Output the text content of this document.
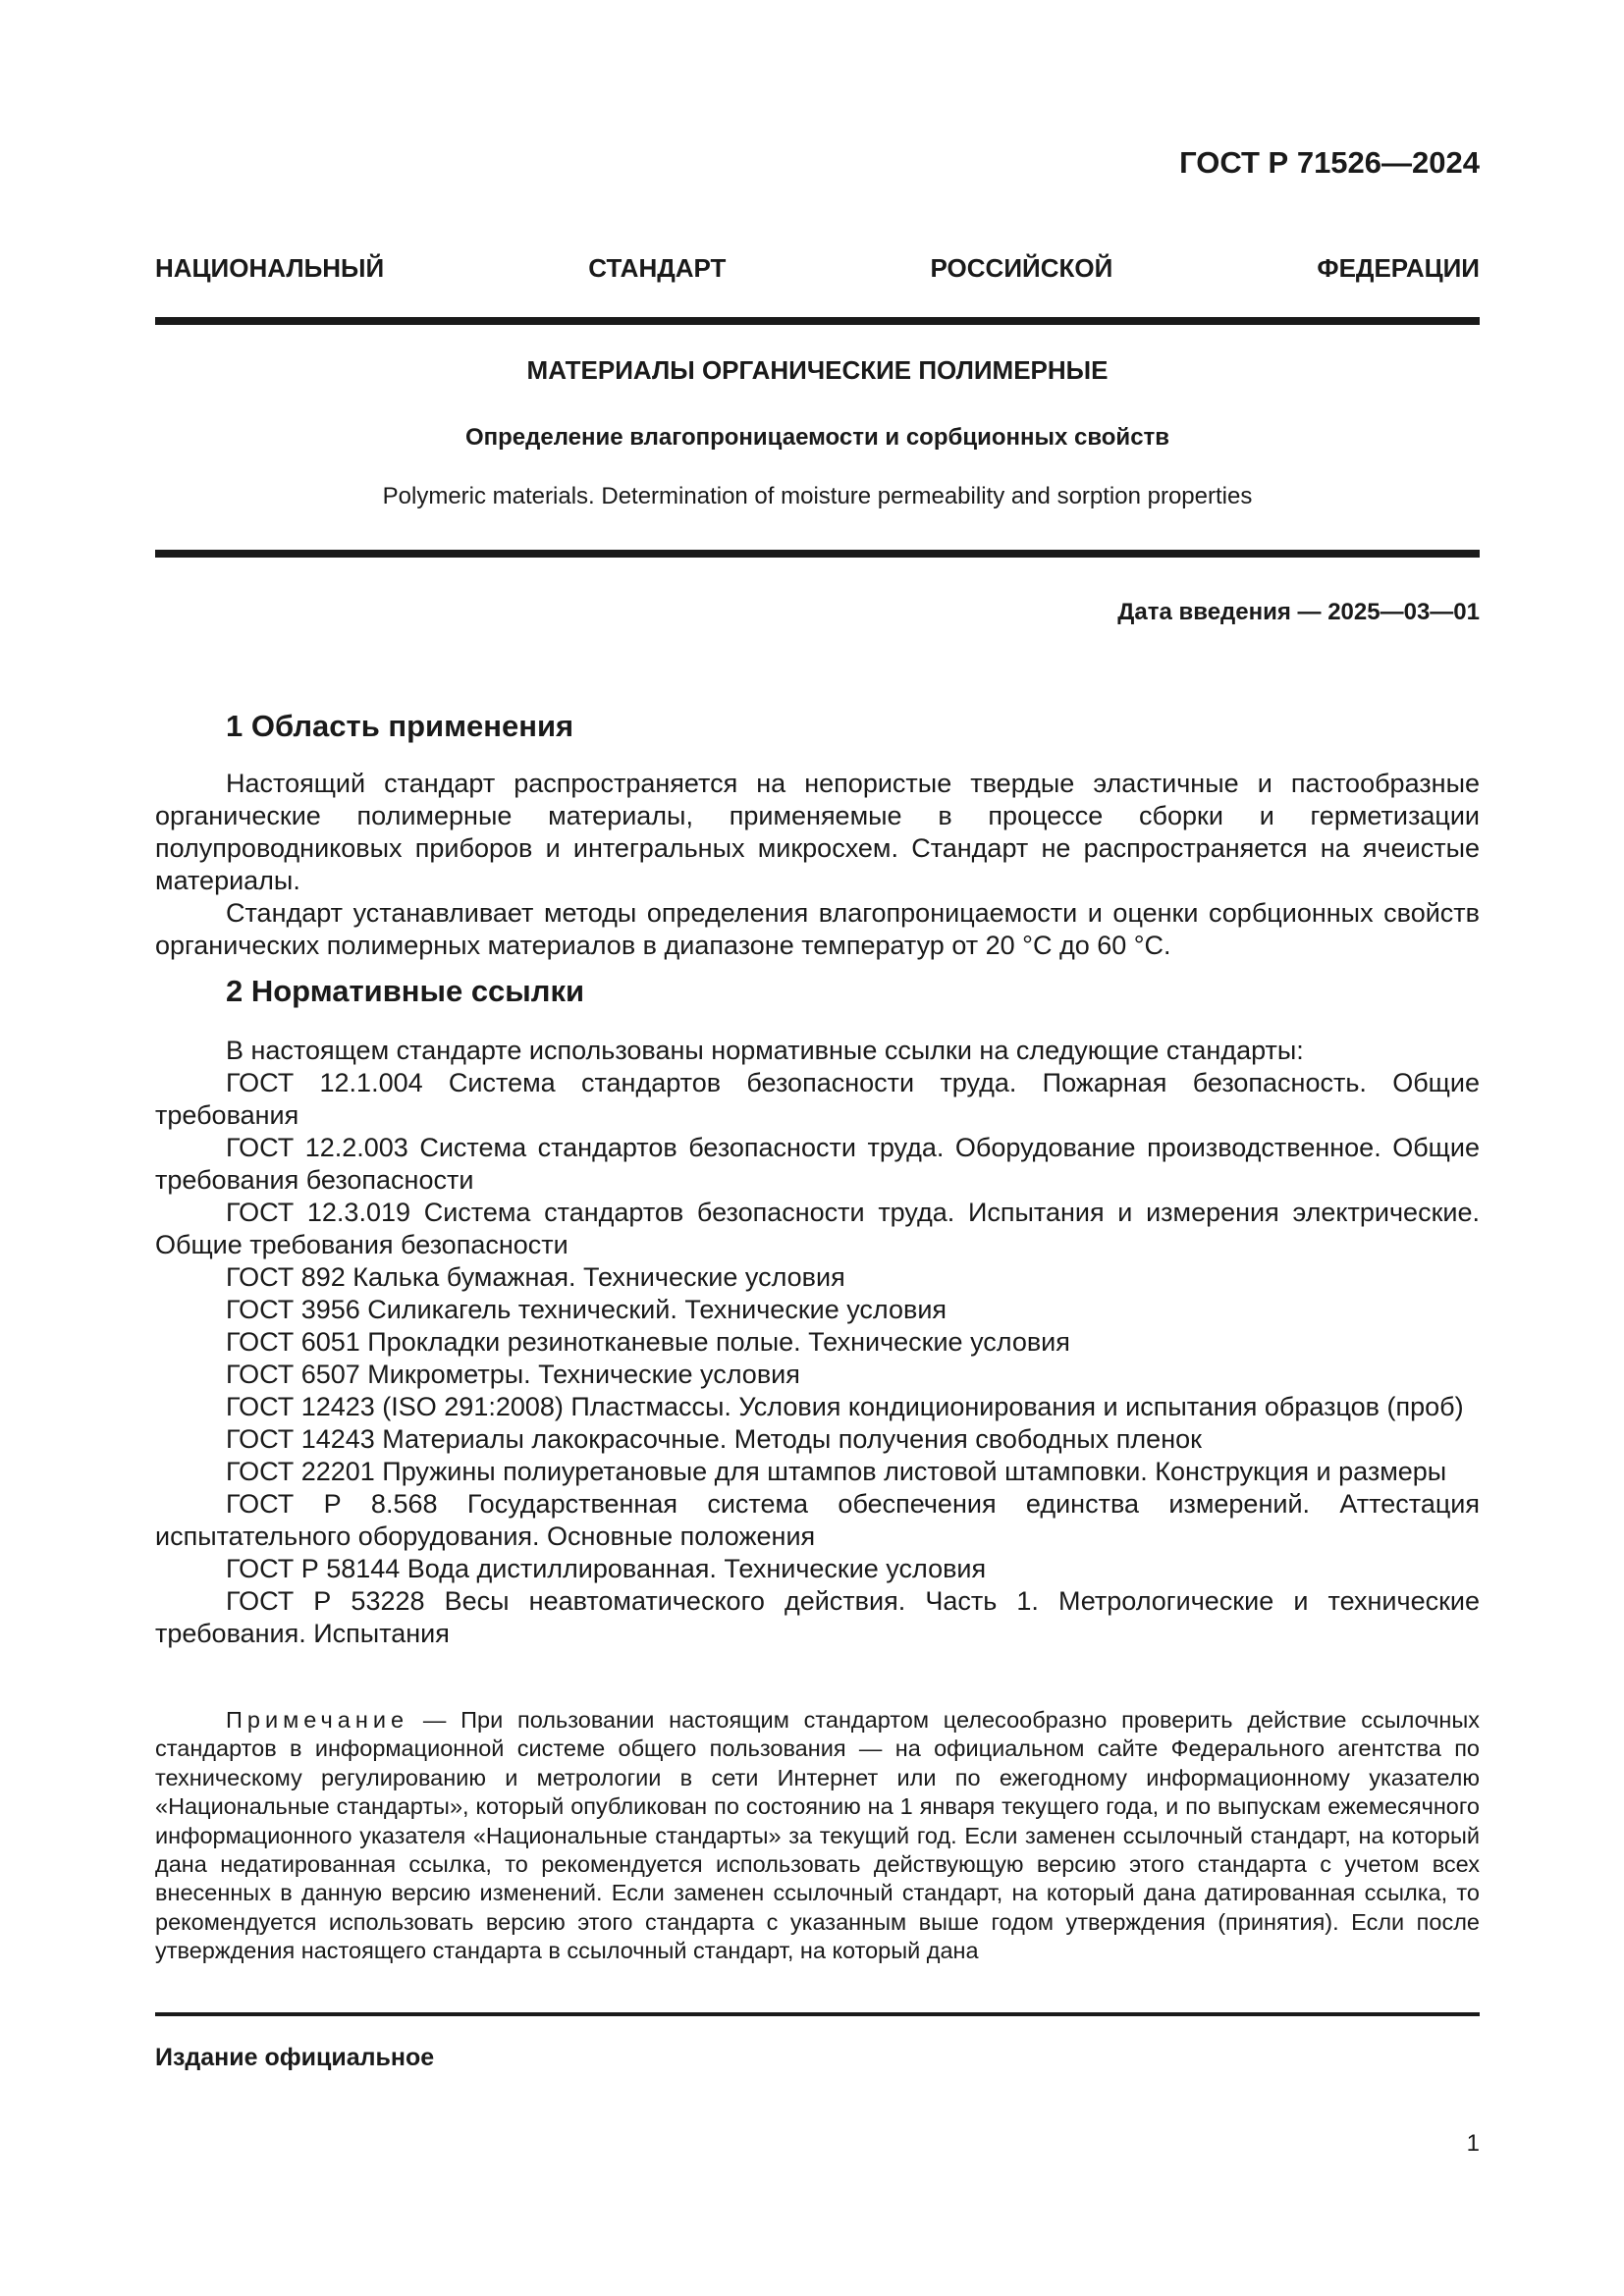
ГОСТ Р 71526—2024
НАЦИОНАЛЬНЫЙ СТАНДАРТ РОССИЙСКОЙ ФЕДЕРАЦИИ
МАТЕРИАЛЫ ОРГАНИЧЕСКИЕ ПОЛИМЕРНЫЕ
Определение влагопроницаемости и сорбционных свойств
Polymeric materials. Determination of moisture permeability and sorption properties
Дата введения — 2025—03—01
1 Область применения

Настоящий стандарт распространяется на непористые твердые эластичные и пастообразные органические полимерные материалы, применяемые в процессе сборки и герметизации полупроводниковых приборов и интегральных микросхем. Стандарт не распространяется на ячеистые материалы.

Стандарт устанавливает методы определения влагопроницаемости и оценки сорбционных свойств органических полимерных материалов в диапазоне температур от 20 °С до 60 °С.

2 Нормативные ссылки

В настоящем стандарте использованы нормативные ссылки на следующие стандарты:

ГОСТ 12.1.004 Система стандартов безопасности труда. Пожарная безопасность. Общие требования

ГОСТ 12.2.003 Система стандартов безопасности труда. Оборудование производственное. Общие требования безопасности

ГОСТ 12.3.019 Система стандартов безопасности труда. Испытания и измерения электрические. Общие требования безопасности

ГОСТ 892 Калька бумажная. Технические условия

ГОСТ 3956 Силикагель технический. Технические условия

ГОСТ 6051 Прокладки резинотканевые полые. Технические условия

ГОСТ 6507 Микрометры. Технические условия

ГОСТ 12423 (ISO 291:2008) Пластмассы. Условия кондиционирования и испытания образцов (проб)

ГОСТ 14243 Материалы лакокрасочные. Методы получения свободных пленок

ГОСТ 22201 Пружины полиуретановые для штампов листовой штамповки. Конструкция и размеры

ГОСТ Р 8.568 Государственная система обеспечения единства измерений. Аттестация испытательного оборудования. Основные положения

ГОСТ Р 58144 Вода дистиллированная. Технические условия

ГОСТ Р 53228 Весы неавтоматического действия. Часть 1. Метрологические и технические требования. Испытания

Примечание — При пользовании настоящим стандартом целесообразно проверить действие ссылочных стандартов в информационной системе общего пользования — на официальном сайте Федерального агентства по техническому регулированию и метрологии в сети Интернет или по ежегодному информационному указателю «Национальные стандарты», который опубликован по состоянию на 1 января текущего года, и по выпускам ежемесячного информационного указателя «Национальные стандарты» за текущий год. Если заменен ссылочный стандарт, на который дана недатированная ссылка, то рекомендуется использовать действующую версию этого стандарта с учетом всех внесенных в данную версию изменений. Если заменен ссылочный стандарт, на который дана датированная ссылка, то рекомендуется использовать версию этого стандарта с указанным выше годом утверждения (принятия). Если после утверждения настоящего стандарта в ссылочный стандарт, на который дана

Издание официальное
1
